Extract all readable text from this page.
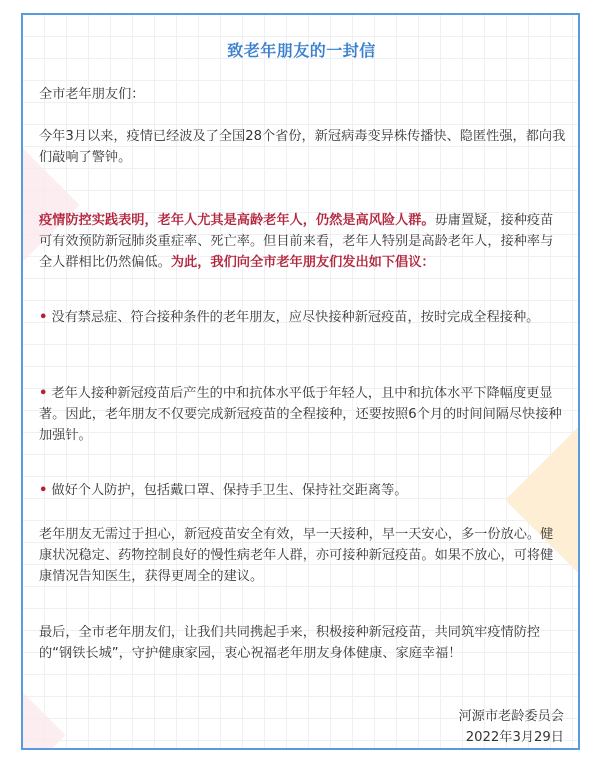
致老年朋友的一封信

全市老年朋友们：

今年3月以来，疫情已经波及了全国28个省份，新冠病毒变异株传播快、隐匿性强，都向我们敲响了警钟。

疫情防控实践表明，老年人尤其是高龄老年人，仍然是高风险人群。毋庸置疑，接种疫苗可有效预防新冠肺炎重症率、死亡率。但目前来看，老年人特别是高龄老年人，接种率与全人群相比仍然偏低。为此，我们向全市老年朋友们发出如下倡议：

• 没有禁忌症、符合接种条件的老年朋友，应尽快接种新冠疫苗，按时完成全程接种。

• 老年人接种新冠疫苗后产生的中和抗体水平低于年轻人，且中和抗体水平下降幅度更显著。因此，老年朋友不仅要完成新冠疫苗的全程接种，还要按照6个月的时间间隔尽快接种加强针。

• 做好个人防护，包括戴口罩、保持手卫生、保持社交距离等。

老年朋友无需过于担心，新冠疫苗安全有效，早一天接种，早一天安心，多一份放心。健康状况稳定、药物控制良好的慢性病老年人群，亦可接种新冠疫苗。如果不放心，可将健康情况告知医生，获得更周全的建议。

最后，全市老年朋友们，让我们共同携起手来，积极接种新冠疫苗，共同筑牢疫情防控的“钢铁长城”，守护健康家园，衷心祝福老年朋友身体健康、家庭幸福！

河源市老龄委员会
2022年3月29日
